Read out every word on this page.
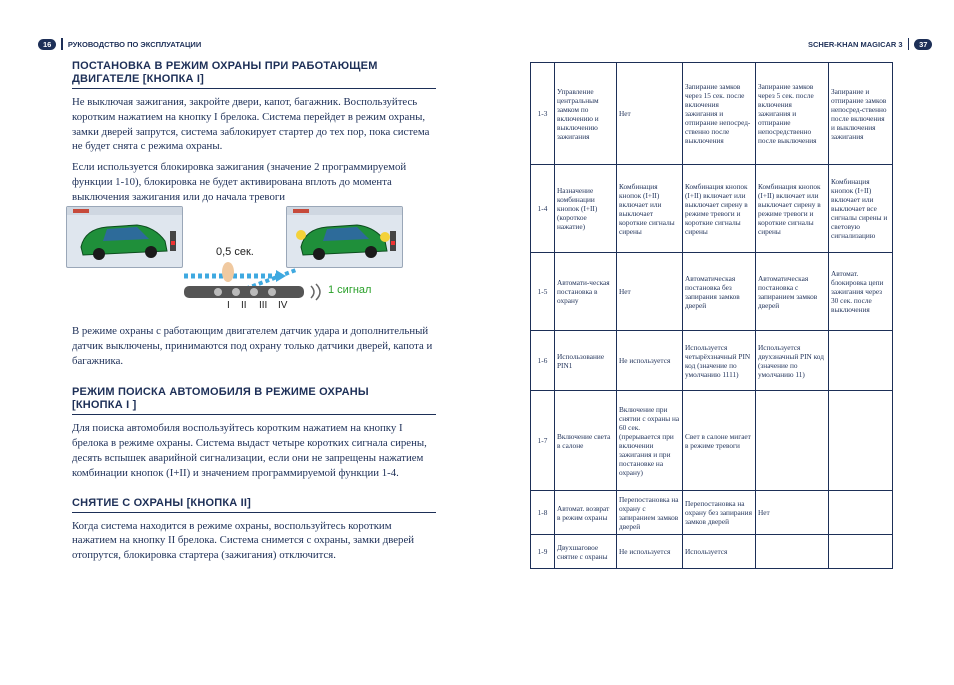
16	РУКОВОДСТВО ПО ЭКСПЛУАТАЦИИ	SCHER-KHAN MAGICAR 3	37
ПОСТАНОВКА В РЕЖИМ ОХРАНЫ ПРИ РАБОТАЮЩЕМ
ДВИГАТЕЛЕ [КНОПКА I]

Не выключая зажигания, закройте двери, капот, багажник. Воспользуйтесь коротким нажатием на кнопку I брелока. Система перейдет в режим охраны, замки дверей запрутся, система заблокирует стартер до тех пор, пока система не будет снята с режима охраны.

Если используется блокировка зажигания (значение 2 программируемой функции 1-10), блокировка не будет активирована вплоть до момента выключения зажигания или до начала тревоги

0,5 сек.
1 сигнал
I II III IV

В режиме охраны с работающим двигателем датчик удара и дополнительный датчик выключены, принимаются под охрану только датчики дверей, капота и багажника.

РЕЖИМ ПОИСКА АВТОМОБИЛЯ В РЕЖИМЕ ОХРАНЫ
[КНОПКА I ]

Для поиска автомобиля воспользуйтесь коротким нажатием на кнопку I брелока в режиме охраны. Система выдаст четыре коротких сигнала сирены, десять вспышек аварийной сигнализации, если они не запрещены нажатием комбинации кнопок (I+II) и значением программируемой функции 1-4.

СНЯТИЕ С ОХРАНЫ [КНОПКА II]

Когда система находится в режиме охраны, воспользуйтесь коротким нажатием на кнопку II брелока. Система снимется с охраны, замки дверей отопрутся, блокировка стартера (зажигания) отключится.

1-3	Управление центральным замком по включению и выключению зажигания	Нет	Запирание замков через 15 сек. после включения зажигания и отпирание непосред-ственно после выключения	Запирание замков через 5 сек. после включения зажигания и отпирание непосредственно после выключения	Запирание и отпирание замков непосред-ственно после включения и выключения зажигания
1-4	Назначение комбинации кнопок (I+II) (короткое нажатие)	Комбинация кнопок (I+II) включает или выключает короткие сигналы сирены	Комбинация кнопок (I+II) включает или выключает сирену в режиме тревоги и короткие сигналы сирены	Комбинация кнопок (I+II) включает или выключает сирену в режиме тревоги и короткие сигналы сирены	Комбинация кнопок (I+II) включает или выключает все сигналы сирены и световую сигнализацию
1-5	Автомати-ческая постановка в охрану	Нет	Автоматическая постановка без запирания замков дверей	Автоматическая постановка с запиранием замков дверей	Автомат. блокировка цепи зажигания через 30 сек. после выключения
1-6	Использование PIN1	Не используется	Используется четырёхзначный PIN код (значение по умолчанию 1111)	Используется двухзначный PIN код (значение по умолчанию 11)	
1-7	Включение света в салоне	Включение при снятии с охраны на 60 сек. (прерывается при включении зажигания и при постановке на охрану)	Свет в салоне мигает в режиме тревоги		
1-8	Автомат. возврат в режим охраны	Перепостановка на охрану с запиранием замков дверей	Перепостановка на охрану без запирания замков дверей	Нет	
1-9	Двухшаговое снятие с охраны	Не используется	Используется		
